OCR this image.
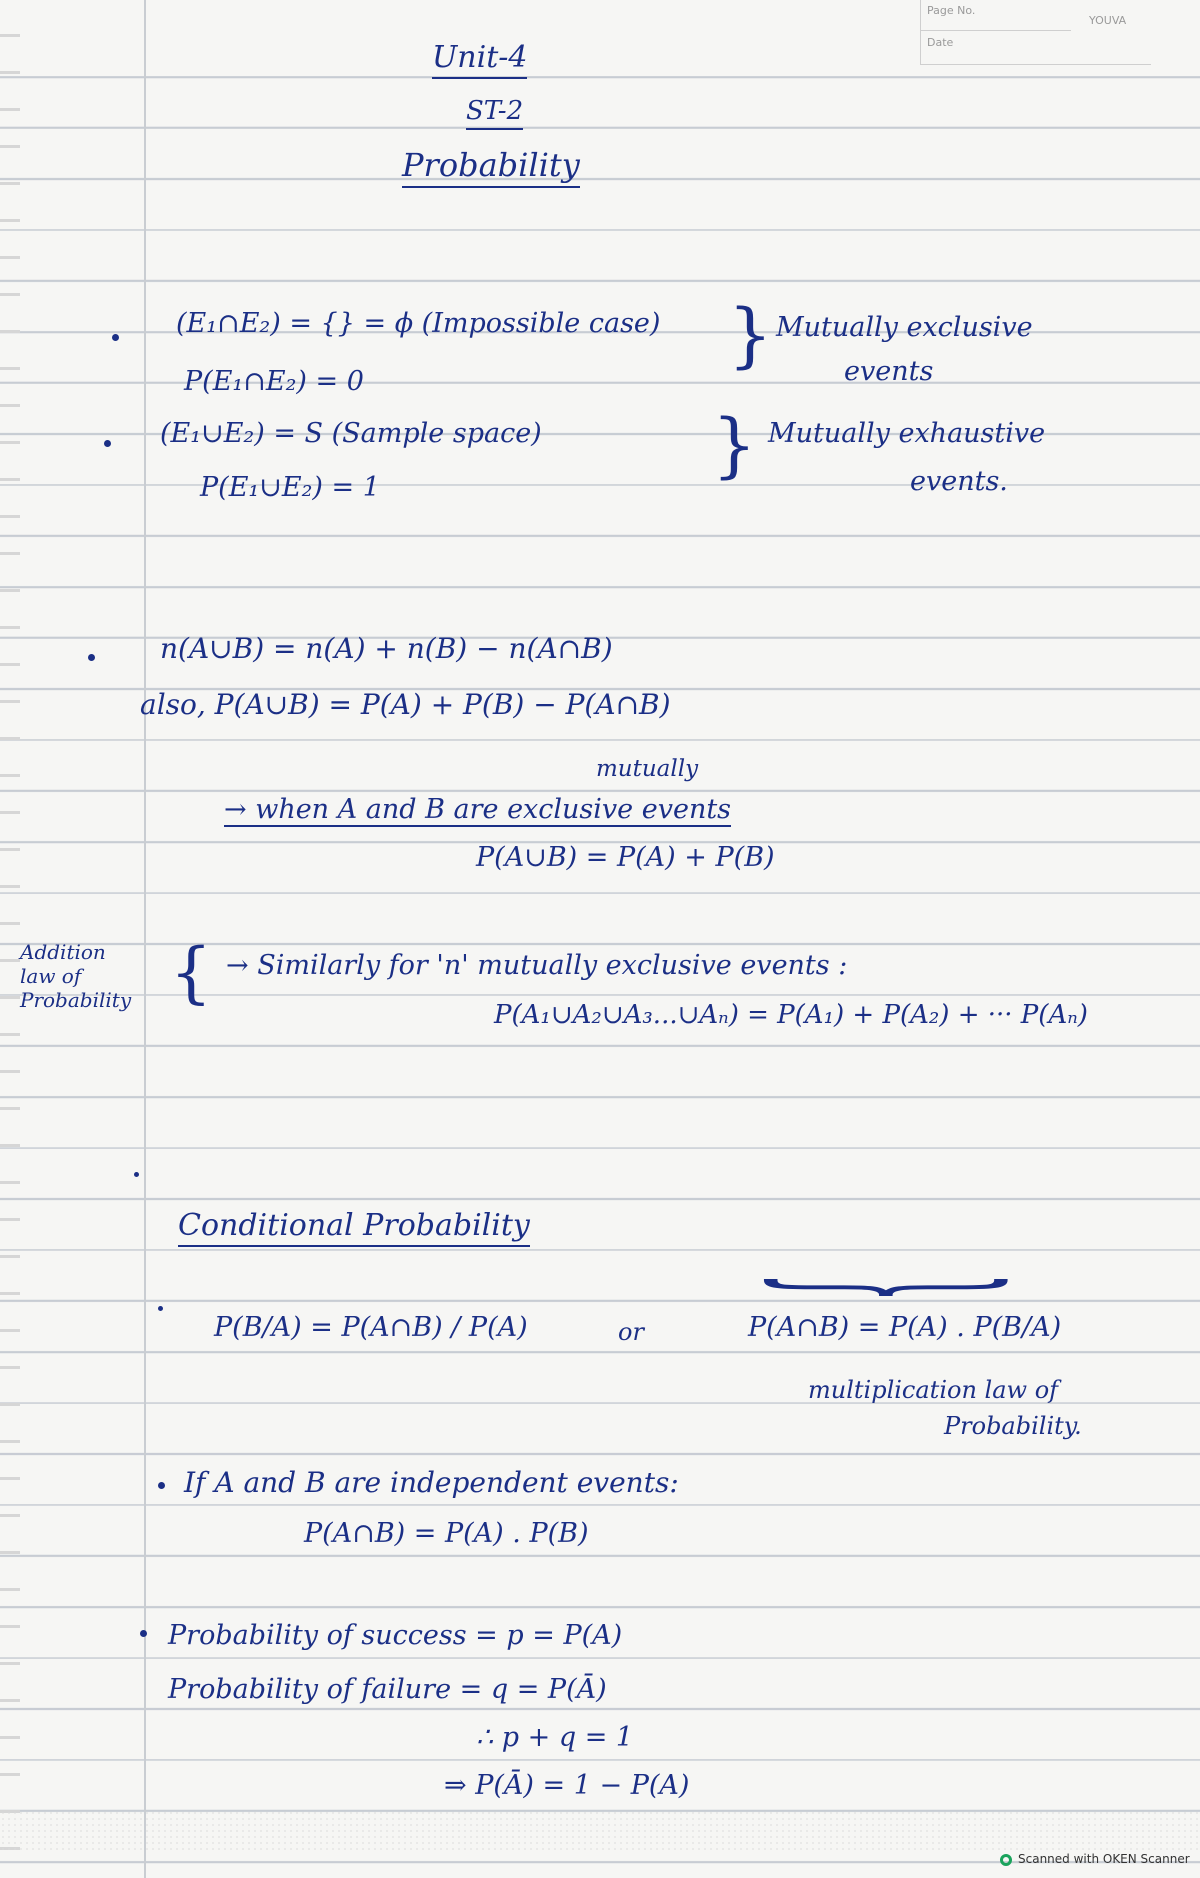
Page No.
Date
YOUVA
Unit-4
ST-2
Probability
(E₁∩E₂) = {} = ϕ (Impossible case)
P(E₁∩E₂) = 0
} Mutually exclusive
events
(E₁∪E₂) = S (Sample space)
P(E₁∪E₂) = 1
} Mutually exhaustive
events.
n(A∪B) = n(A) + n(B) − n(A∩B)
also, P(A∪B) = P(A) + P(B) − P(A∩B)
mutually
→ when A and B are exclusive events
P(A∪B) = P(A) + P(B)
Addition law of Probability { → Similarly for 'n' mutually exclusive events :
P(A₁∪A₂∪A₃...∪Aₙ) = P(A₁) + P(A₂) + ··· P(Aₙ)
Conditional Probability
P(B/A) = P(A∩B) / P(A)	or	P(A∩B) = P(A) . P(B/A)
}
multiplication law of
Probability.
If A and B are independent events:
P(A∩B) = P(A) . P(B)
Probability of success = p = P(A)
Probability of failure = q = P(Ā)
∴ p + q = 1
⇒ P(Ā) = 1 − P(A)
Scanned with OKEN Scanner
